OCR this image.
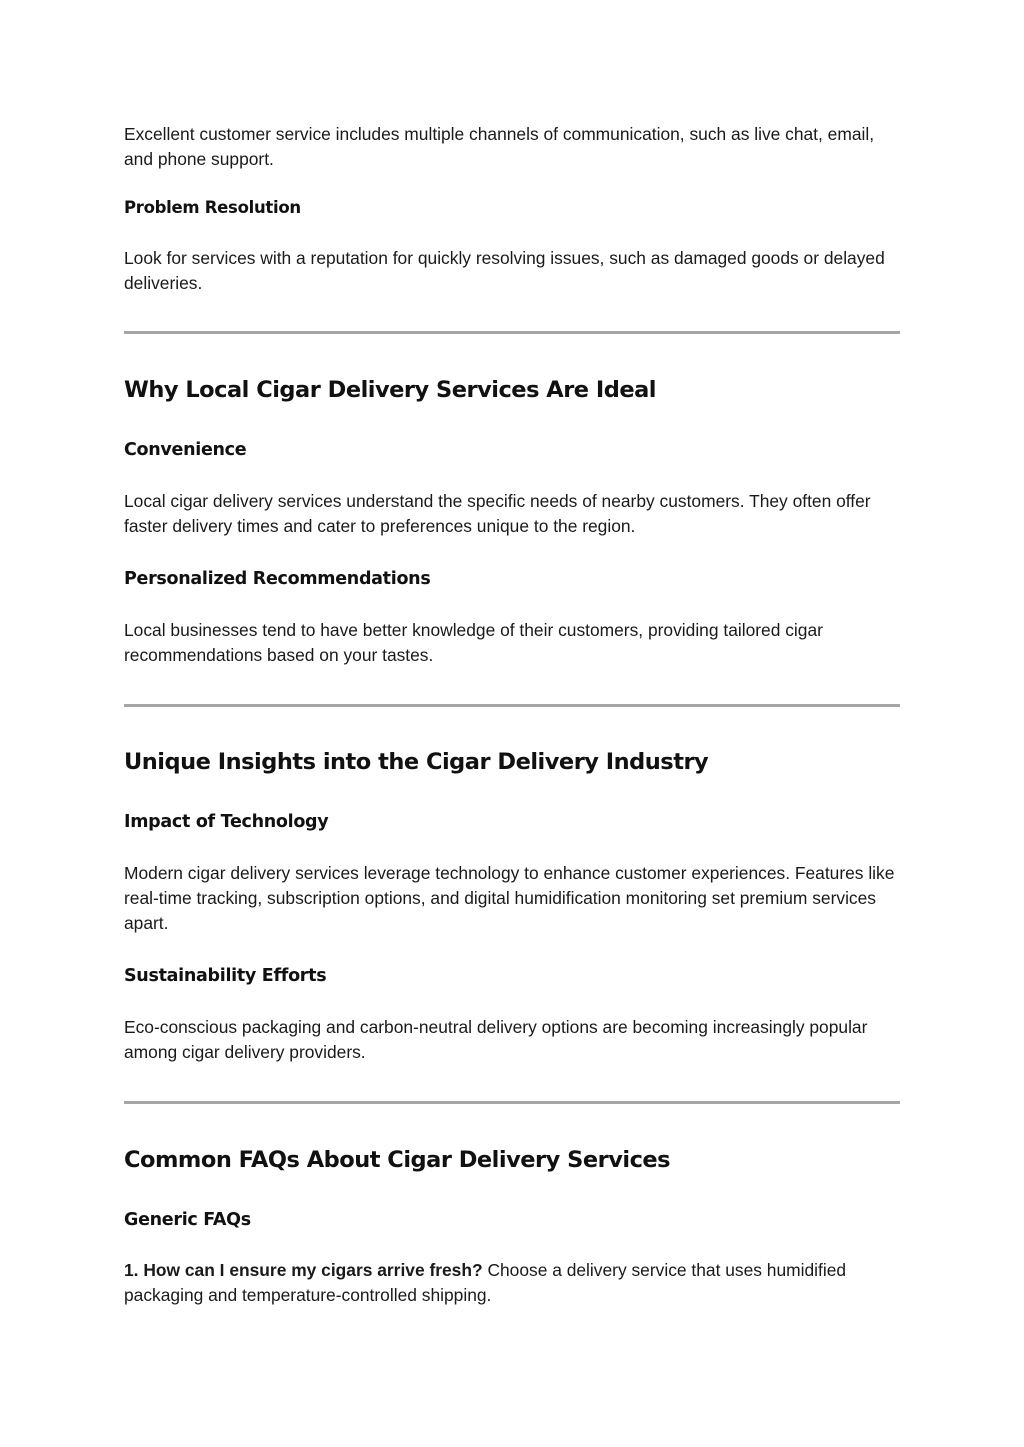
Excellent customer service includes multiple channels of communication, such as live chat, email, and phone support.

Problem Resolution

Look for services with a reputation for quickly resolving issues, such as damaged goods or delayed deliveries.

Why Local Cigar Delivery Services Are Ideal
Convenience

Local cigar delivery services understand the specific needs of nearby customers. They often offer faster delivery times and cater to preferences unique to the region.

Personalized Recommendations

Local businesses tend to have better knowledge of their customers, providing tailored cigar recommendations based on your tastes.

Unique Insights into the Cigar Delivery Industry
Impact of Technology

Modern cigar delivery services leverage technology to enhance customer experiences. Features like real-time tracking, subscription options, and digital humidification monitoring set premium services apart.

Sustainability Efforts

Eco-conscious packaging and carbon-neutral delivery options are becoming increasingly popular among cigar delivery providers.

Common FAQs About Cigar Delivery Services
Generic FAQs

1. How can I ensure my cigars arrive fresh? Choose a delivery service that uses humidified packaging and temperature-controlled shipping.
